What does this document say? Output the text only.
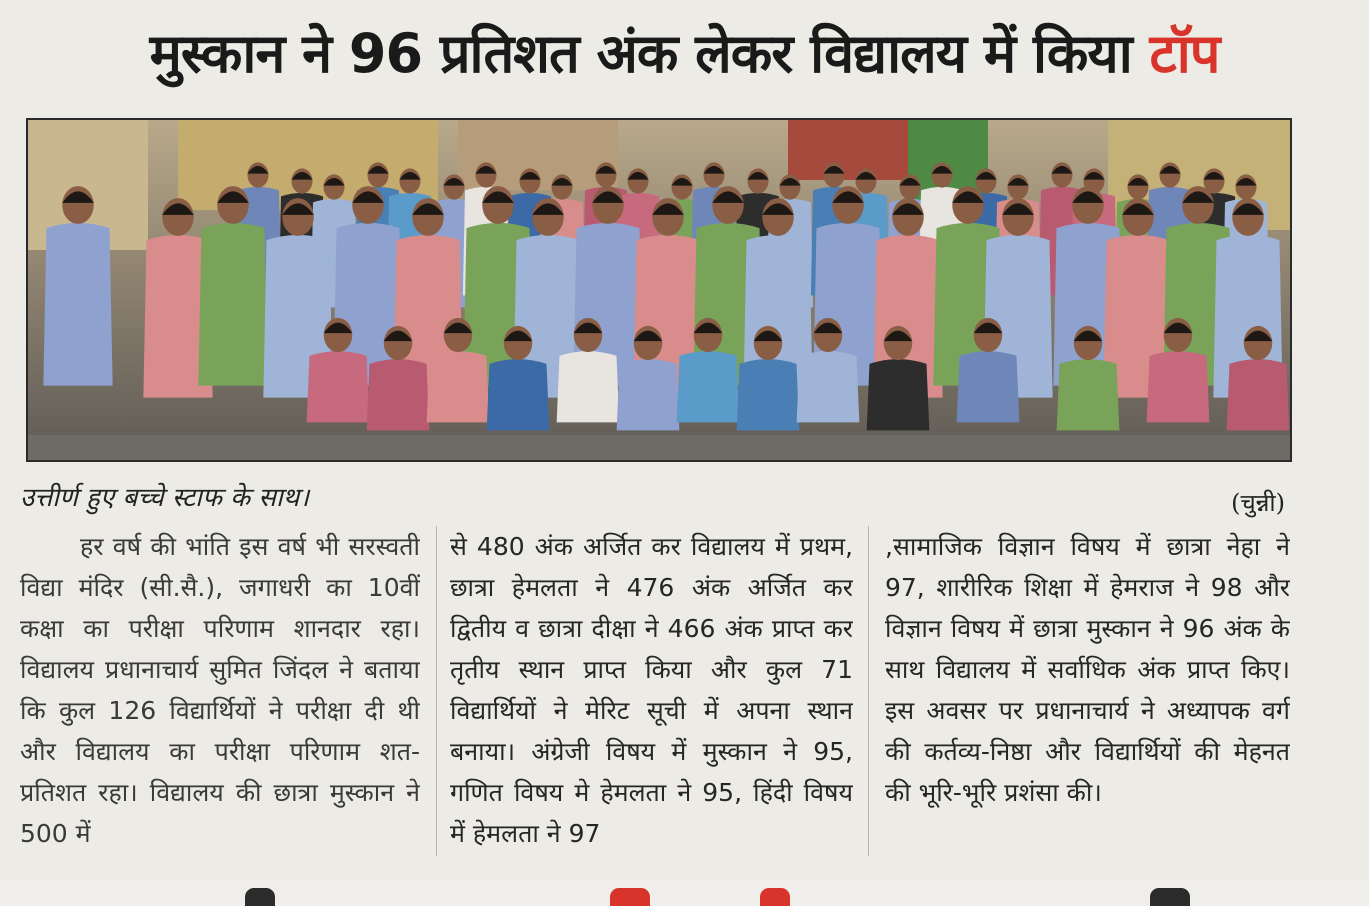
मुस्कान ने 96 प्रतिशत अंक लेकर विद्यालय में किया टॉप
उत्तीर्ण हुए बच्चे स्टाफ के साथ।	(चुन्नी)
हर वर्ष की भांति इस वर्ष भी सरस्वती विद्या मंदिर (सी.सै.), जगाधरी का 10वीं कक्षा का परीक्षा परिणाम शानदार रहा। विद्यालय प्रधानाचार्य सुमित जिंदल ने बताया कि कुल 126 विद्यार्थियों ने परीक्षा दी थी और विद्यालय का परीक्षा परिणाम शत-प्रतिशत रहा। विद्यालय की छात्रा मुस्कान ने 500 में
से 480 अंक अर्जित कर विद्यालय में प्रथम, छात्रा हेमलता ने 476 अंक अर्जित कर द्वितीय व छात्रा दीक्षा ने 466 अंक प्राप्त कर तृतीय स्थान प्राप्त किया और कुल 71 विद्यार्थियों ने मेरिट सूची में अपना स्थान बनाया। अंग्रेजी विषय में मुस्कान ने 95, गणित विषय मे हेमलता ने 95, हिंदी विषय में हेमलता ने 97
,सामाजिक विज्ञान विषय में छात्रा नेहा ने 97, शारीरिक शिक्षा में हेमराज ने 98 और विज्ञान विषय में छात्रा मुस्कान ने 96 अंक के साथ विद्यालय में सर्वाधिक अंक प्राप्त किए। इस अवसर पर प्रधानाचार्य ने अध्यापक वर्ग की कर्तव्य-निष्ठा और विद्यार्थियों की मेहनत की भूरि-भूरि प्रशंसा की।
